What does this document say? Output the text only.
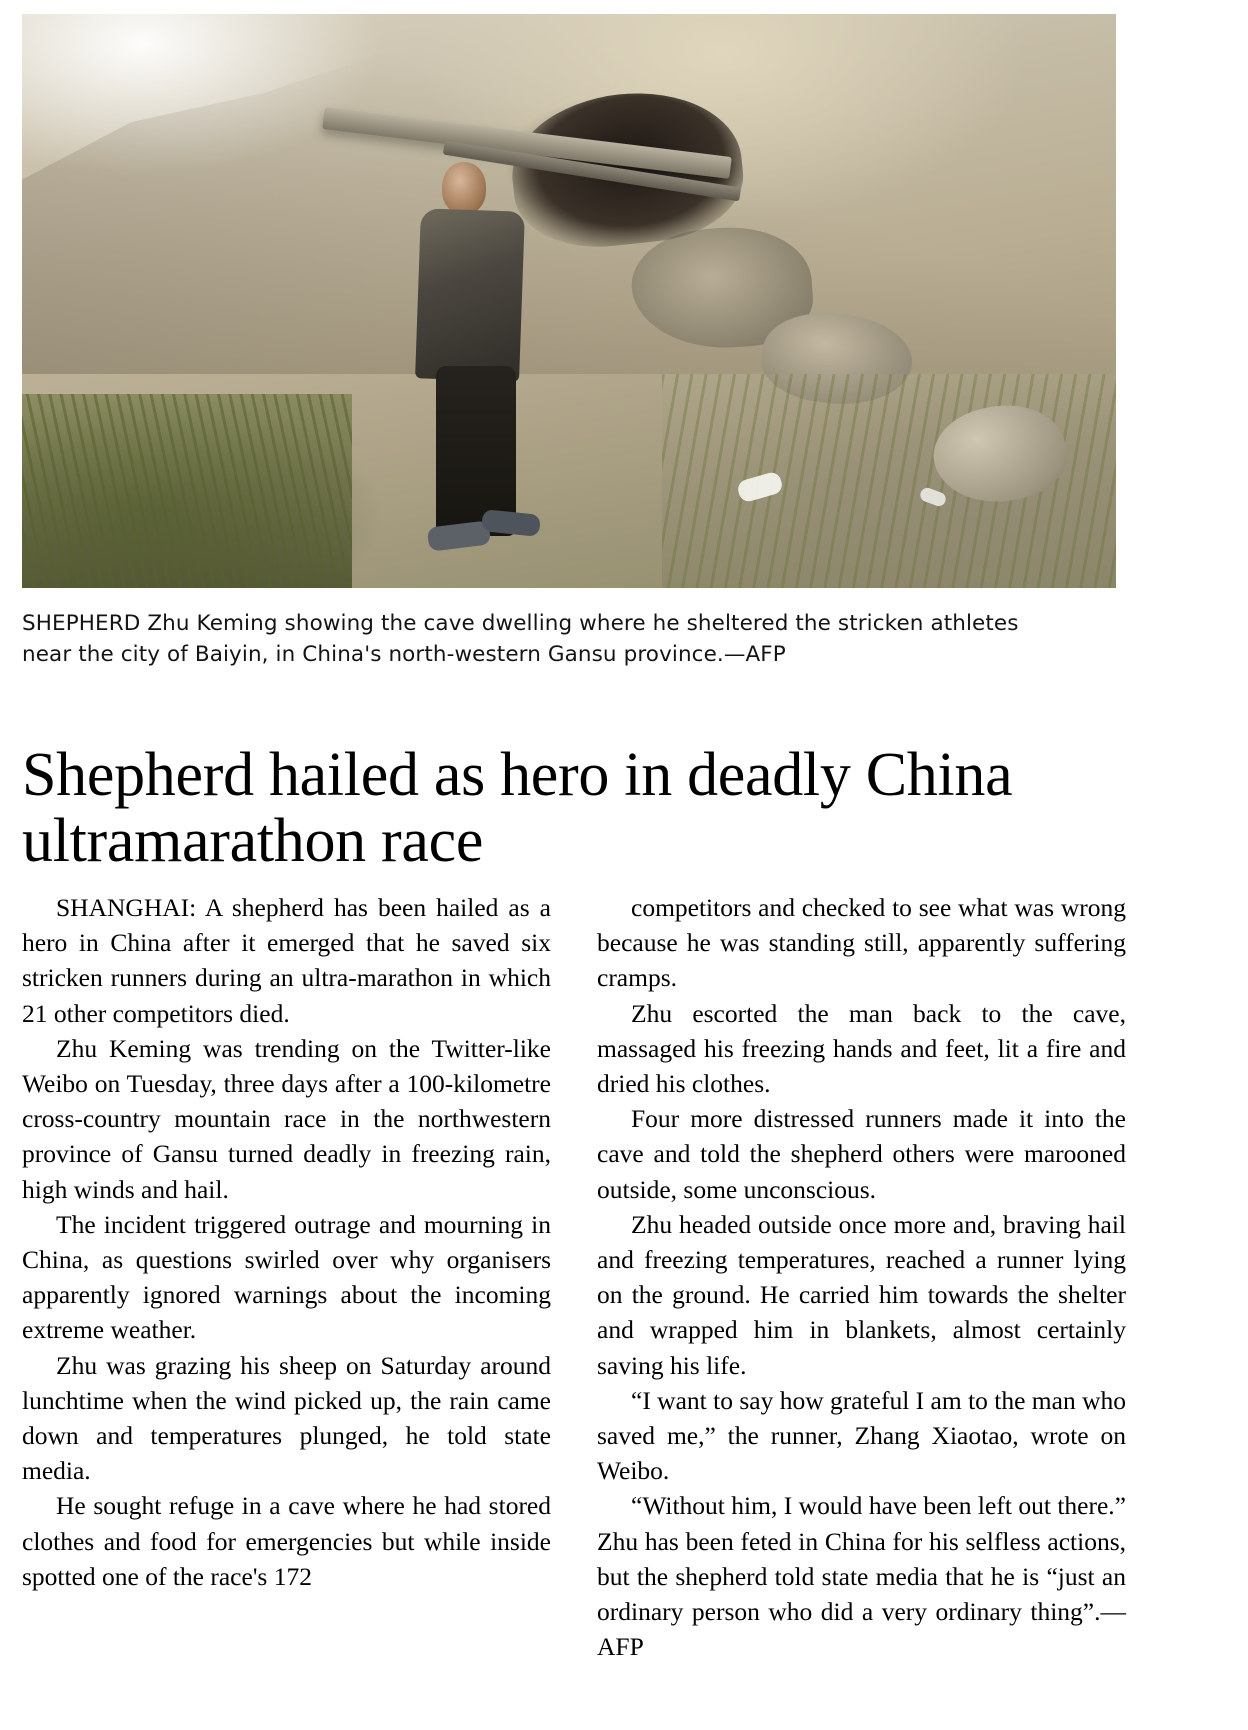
SHEPHERD Zhu Keming showing the cave dwelling where he sheltered the stricken athletes near the city of Baiyin, in China's north-western Gansu province.—AFP
Shepherd hailed as hero in deadly China ultramarathon race

SHANGHAI: A shepherd has been hailed as a hero in China after it emerged that he saved six stricken runners during an ultra-marathon in which 21 other competitors died.

Zhu Keming was trending on the Twitter-like Weibo on Tuesday, three days after a 100-kilometre cross-country mountain race in the northwestern province of Gansu turned deadly in freezing rain, high winds and hail.

The incident triggered outrage and mourning in China, as questions swirled over why organisers apparently ignored warnings about the incoming extreme weather.

Zhu was grazing his sheep on Saturday around lunchtime when the wind picked up, the rain came down and temperatures plunged, he told state media.

He sought refuge in a cave where he had stored clothes and food for emergencies but while inside spotted one of the race's 172

competitors and checked to see what was wrong because he was standing still, apparently suffering cramps.

Zhu escorted the man back to the cave, massaged his freezing hands and feet, lit a fire and dried his clothes.

Four more distressed runners made it into the cave and told the shepherd others were marooned outside, some unconscious.

Zhu headed outside once more and, braving hail and freezing temperatures, reached a runner lying on the ground. He carried him towards the shelter and wrapped him in blankets, almost certainly saving his life.

“I want to say how grateful I am to the man who saved me,” the runner, Zhang Xiaotao, wrote on Weibo.

“Without him, I would have been left out there.” Zhu has been feted in China for his selfless actions, but the shepherd told state media that he is “just an ordinary person who did a very ordinary thing”.—AFP
